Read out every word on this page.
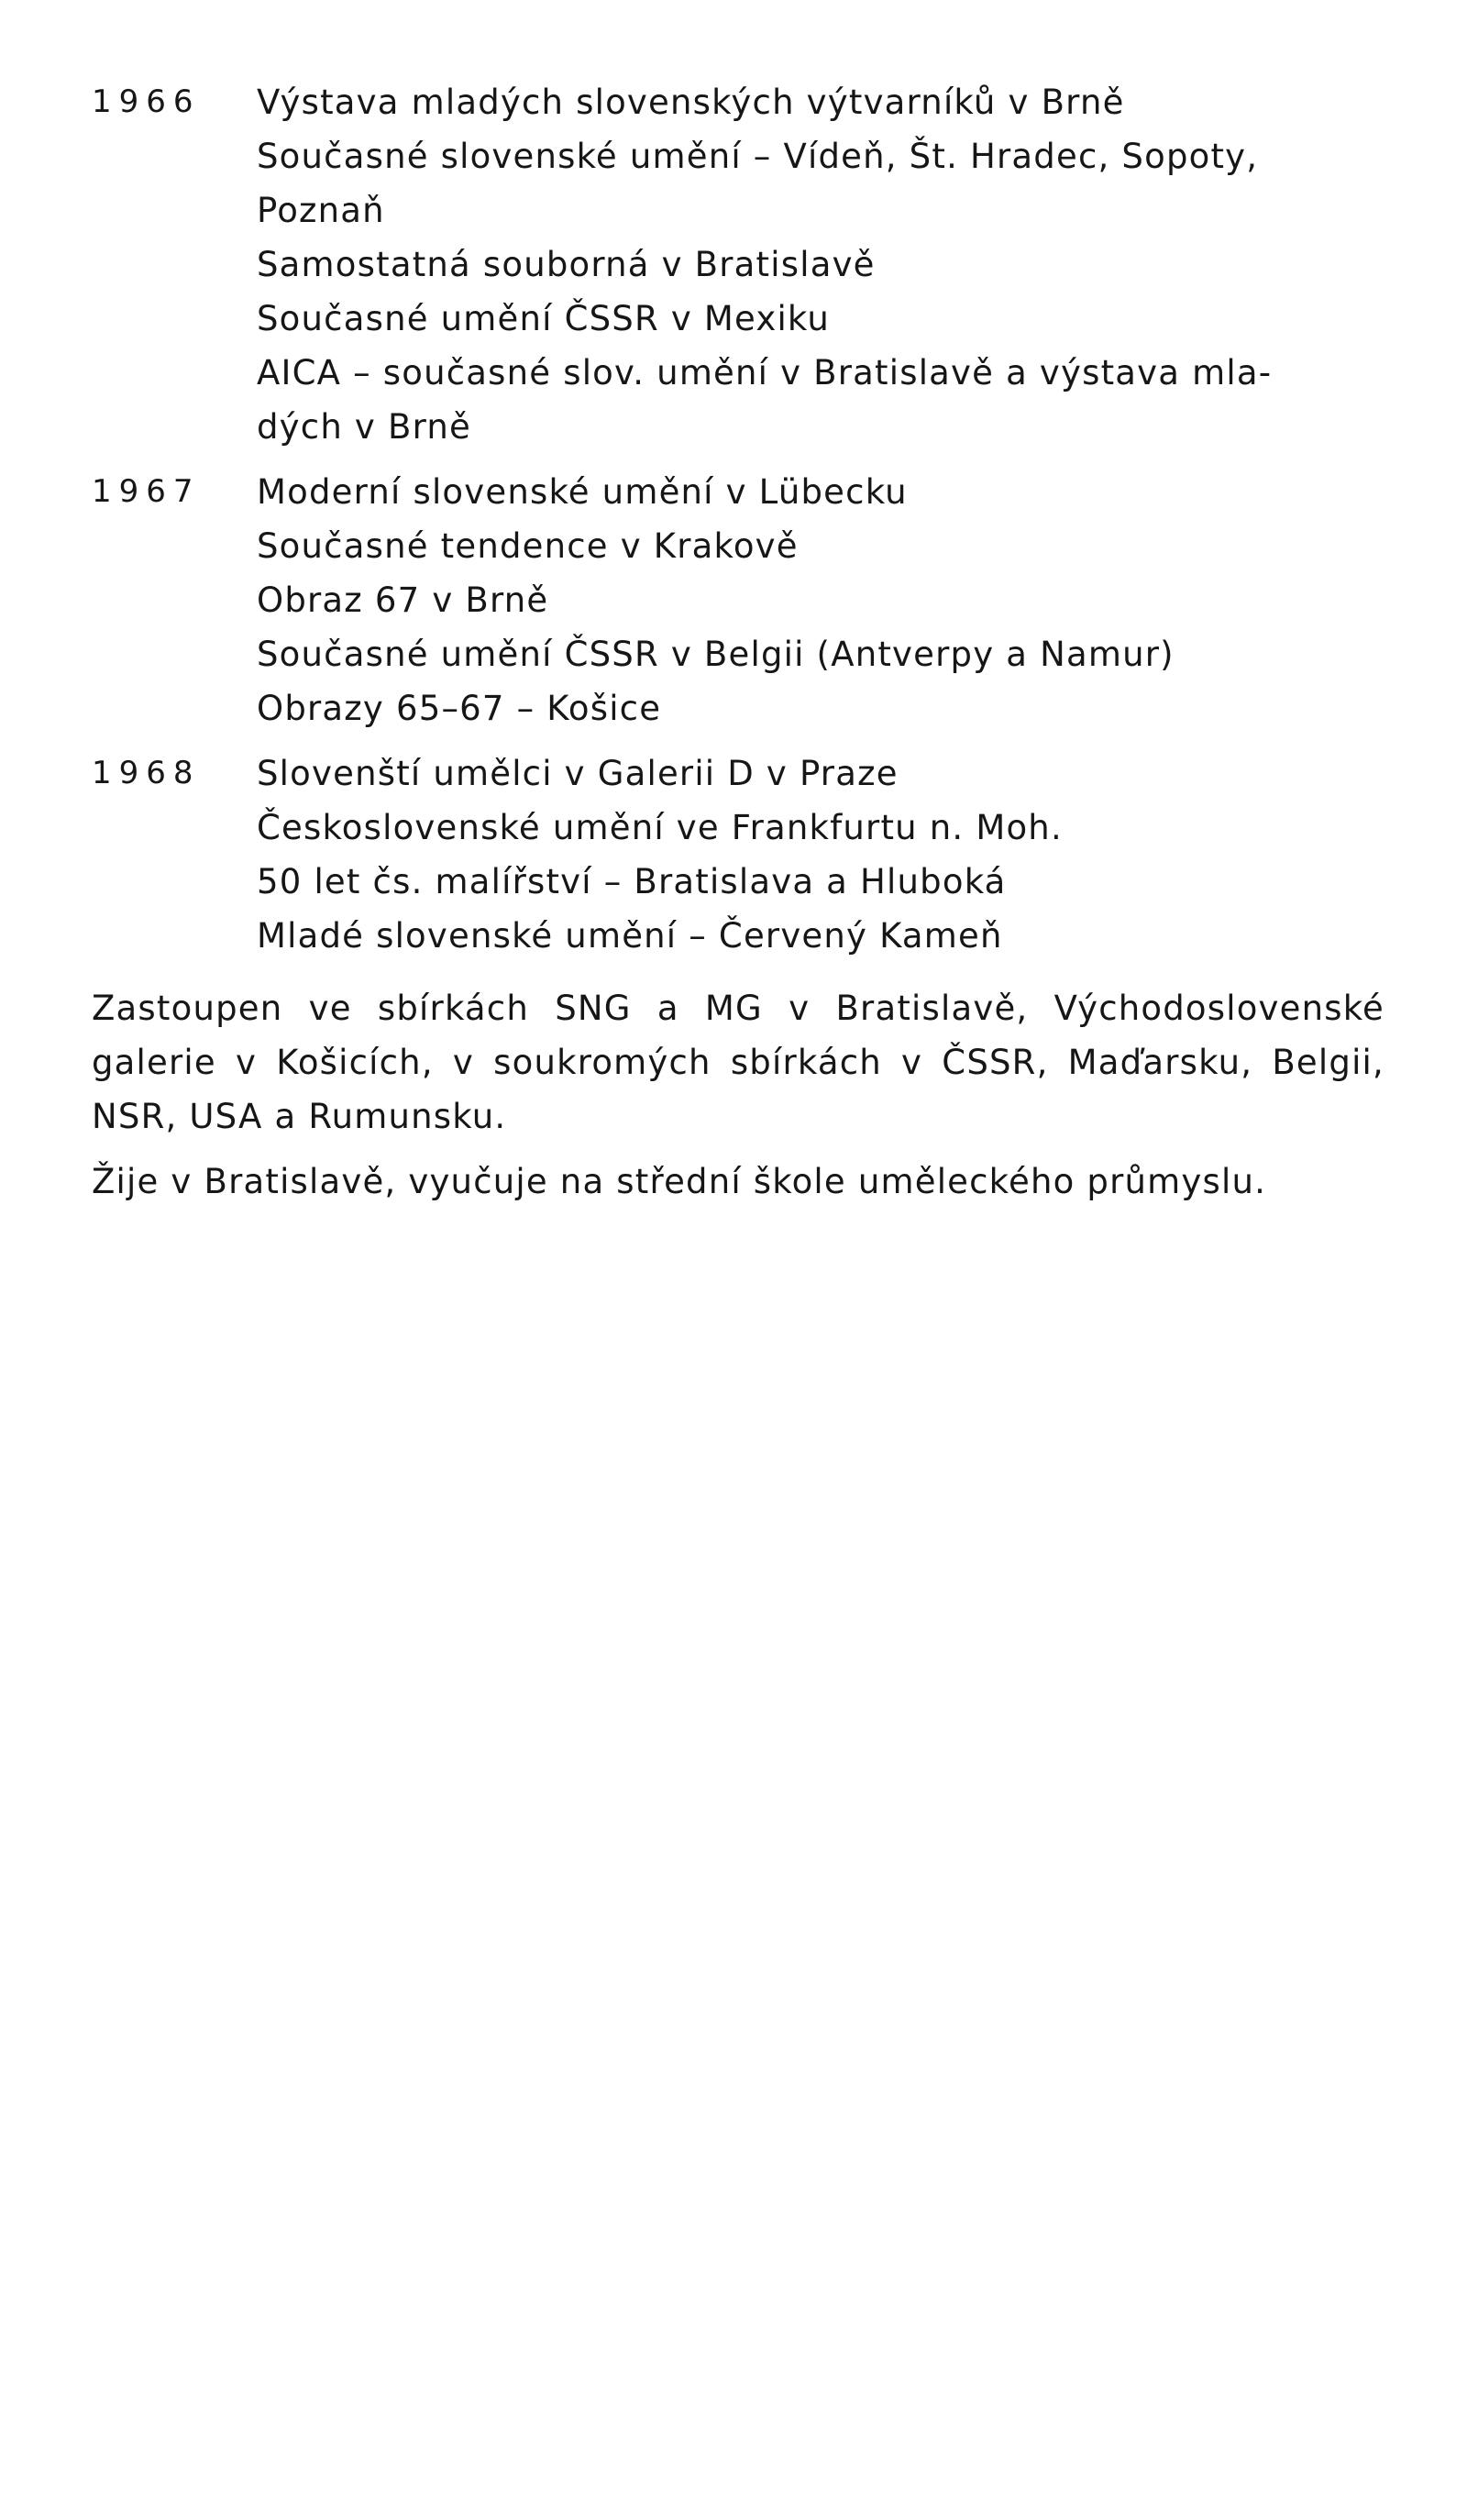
1966	Výstava mladých slovenských výtvarníků v Brně
Současné slovenské umění – Vídeň, Št. Hradec, Sopoty,
Poznaň
Samostatná souborná v Bratislavě
Současné umění ČSSR v Mexiku
AICA – současné slov. umění v Bratislavě a výstava mla-
dých v Brně
1967	Moderní slovenské umění v Lübecku
Současné tendence v Krakově
Obraz 67 v Brně
Současné umění ČSSR v Belgii (Antverpy a Namur)
Obrazy 65–67 – Košice
1968	Slovenští umělci v Galerii D v Praze
Československé umění ve Frankfurtu n. Moh.
50 let čs. malířství – Bratislava a Hluboká
Mladé slovenské umění – Červený Kameň

Zastoupen ve sbírkách SNG a MG v Bratislavě, Východoslovenské galerie v Košicích, v soukromých sbírkách v ČSSR, Maďarsku, Belgii, NSR, USA a Rumunsku.

Žije v Bratislavě, vyučuje na střední škole uměleckého průmyslu.
